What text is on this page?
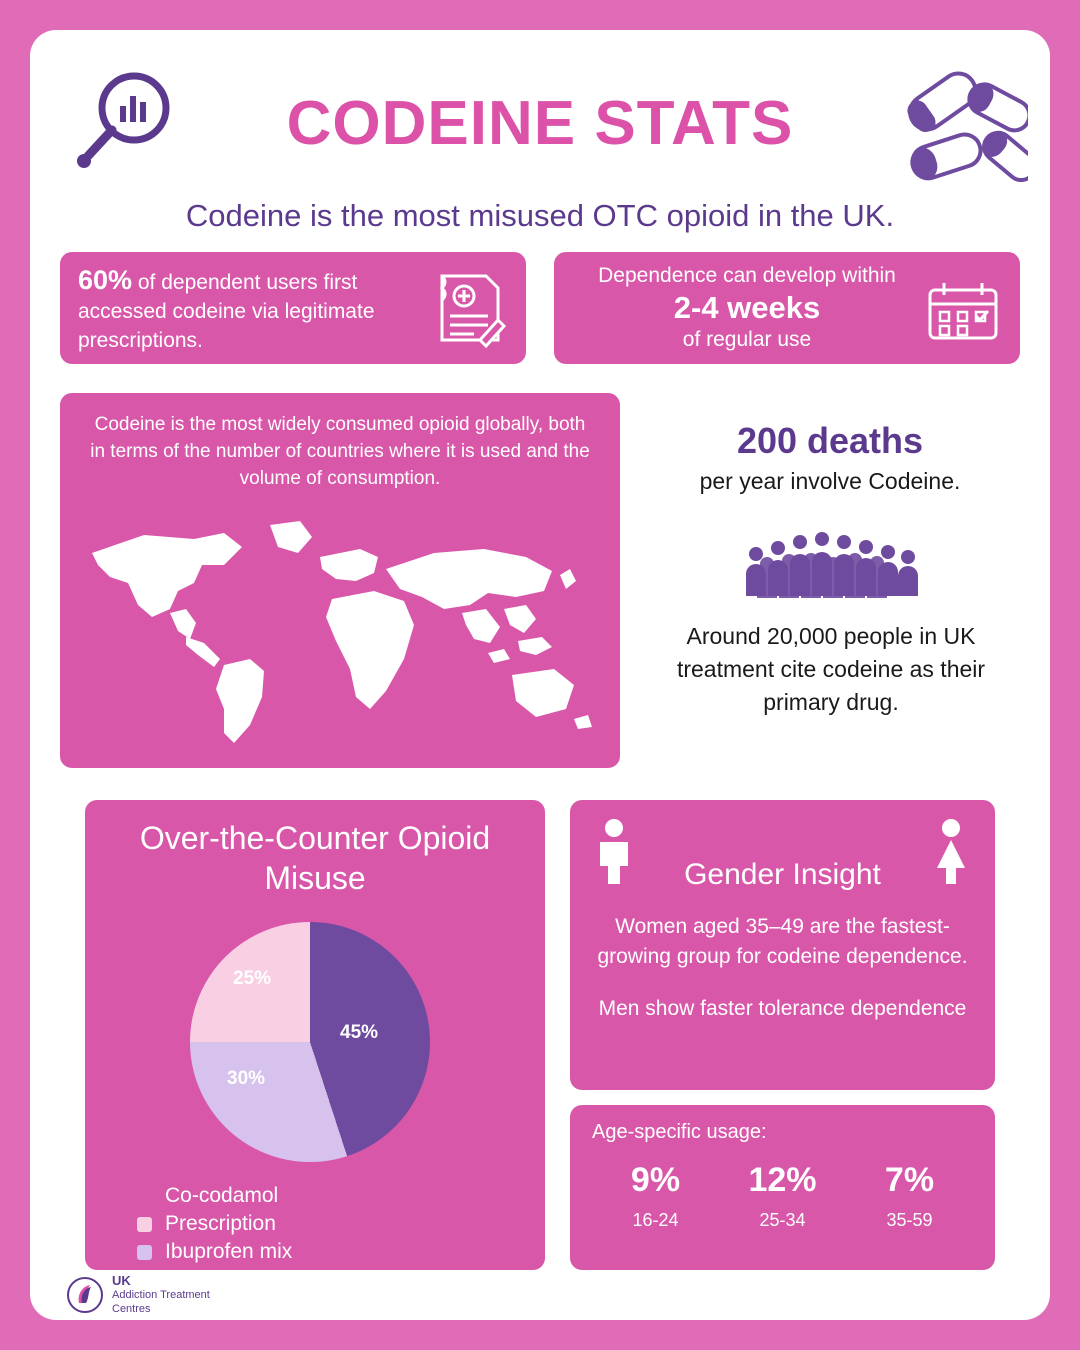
CODEINE STATS
Codeine is the most misused OTC opioid in the UK.
60% of dependent users first accessed codeine via legitimate prescriptions.
Dependence can develop within
2-4 weeks
of regular use
Codeine is the most widely consumed opioid globally, both in terms of the number of countries where it is used and the volume of consumption.
200 deaths
per year involve Codeine.
Around 20,000 people in UK treatment cite codeine as their primary drug.
Over-the-Counter Opioid Misuse
45%
30%
25%
Co-codamol
Prescription
Ibuprofen mix
Gender Insight
Women aged 35–49 are the fastest-growing group for codeine dependence.
Men show faster tolerance dependence
Age-specific usage:
9%
16-24
12%
25-34
7%
35-59
UK
Addiction Treatment
Centres
